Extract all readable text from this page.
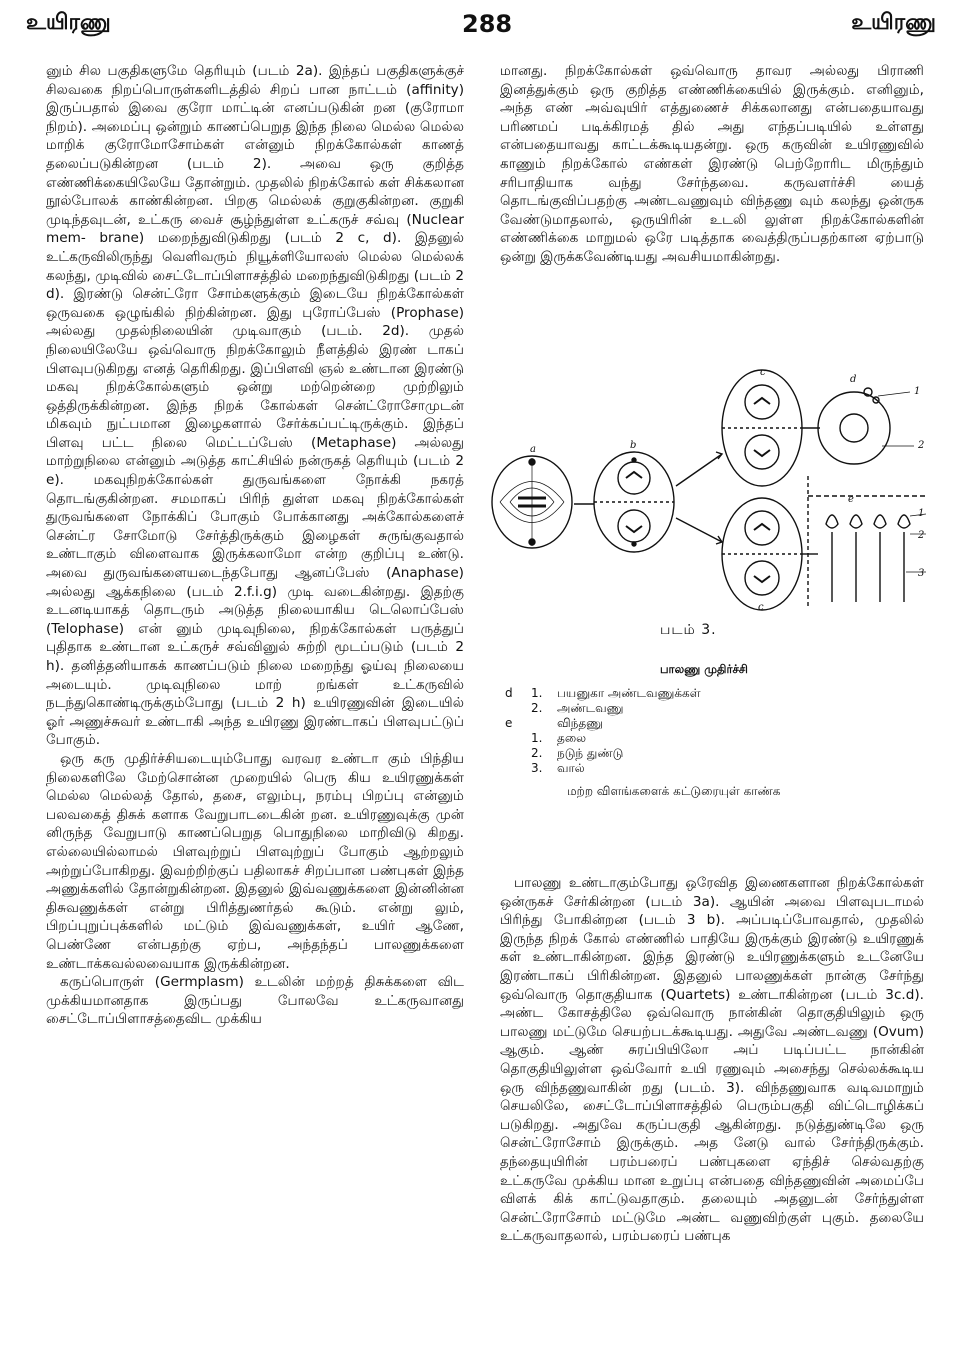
உயிரணு	288	உயிரணு

னும் சில பகுதிகளுமே தெரியும் (படம் 2a). இந்தப் பகுதிகளுக்குச் சிலவகை நிறப்பொருள்களிடத்தில் சிறப் பான நாட்டம் (affinity) இருப்பதால் இவை குரோ மாட்டின் எனப்படுகின் றன (குரோமா நிறம்). அமைப்பு ஒன்றும் காணப்பெறுத இந்த நிலை மெல்ல மெல்ல மாறிக் குரோமோசோம்கள் என்னும் நிறக்கோல்கள் காணத் தலைப்படுகின்றன (படம் 2). அவை ஒரு குறித்த எண்ணிக்கையிலேயே தோன்றும். முதலில் நிறக்கோல் கள் சிக்கலான நூல்போலக் காண்கின்றன. பிறகு மெல்லக் குறுகுகின்றன. குறுகி முடிந்தவுடன், உட்கரு வைச் சூழ்ந்துள்ள உட்கருச் சவ்வு (Nuclear mem- brane) மறைந்துவிடுகிறது (படம் 2 c, d). இதனுல் உட்கருவிலிருந்து வெளிவரும் நியூக்ளியோலஸ் மெல்ல மெல்லக் கலந்து, முடிவில் சைட்டோப்பிளாசத்தில் மறைந்துவிடுகிறது (படம் 2 d). இரண்டு சென்ட்ரோ சோம்களுக்கும் இடையே நிறக்கோல்கள் ஒருவகை ஒழுங்கில் நிற்கின்றன. இது புரோப்பேஸ் (Prophase) அல்லது முதல்நிலையின் முடிவாகும் (படம். 2d). முதல் நிலையிலேயே ஒவ்வொரு நிறக்கோலும் நீளத்தில் இரண் டாகப் பிளவுபடுகிறது எனத் தெரிகிறது. இப்பிளவி ஞல் உண்டான இரண்டு மகவு நிறக்கோல்களும் ஒன்று மற்றென்றை முற்றிலும் ஒத்திருக்கின்றன. இந்த நிறக் கோல்கள் சென்ட்ரோசோமுடன் மிகவும் நுட்பமான இழைகளால் சேர்க்கப்பட்டிருக்கும். இந்தப் பிளவு பட்ட நிலை மெட்டப்பேஸ் (Metaphase) அல்லது மாற்றுநிலை என்னும் அடுத்த காட்சியில் நன்ருகத் தெரியும் (படம் 2 e). மகவுநிறக்கோல்கள் துருவங்களை நோக்கி நகரத் தொடங்குகின்றன. சமமாகப் பிரிந் துள்ள மகவு நிறக்கோல்கள் துருவங்களை நோக்கிப் போகும் போக்கானது அக்கோல்களைச் சென்ட்ர சோமோடு சேர்த்திருக்கும் இழைகள் சுருங்குவதால் உண்டாகும் விளைவாக இருக்கலாமோ என்ற குறிப்பு உண்டு. அவை துருவங்களையடைந்தபோது ஆனப்பேஸ் (Anaphase) அல்லது ஆக்கநிலை (படம் 2.f.i.g) முடி வடைகின்றது. இதற்கு உடனடியாகத் தொடரும் அடுத்த நிலையாகிய டெலொப்பேஸ் (Telophase) என் னும் முடிவுநிலை, நிறக்கோல்கள் பருத்துப் புதிதாக உண்டான உட்கருச் சவ்வினுல் சுற்றி மூடப்படும் (படம் 2 h). தனித்தனியாகக் காணப்படும் நிலை மறைந்து ஓய்வு நிலையை அடையும். முடிவுநிலை மாற் றங்கள் உட்கருவில் நடந்துகொண்டிருக்கும்போது (படம் 2 h) உயிரணுவின் இடையில் ஓர் அணுச்சுவர் உண்டாகி அந்த உயிரணு இரண்டாகப் பிளவுபட்டுப் போகும்.

ஒரு கரு முதிர்ச்சியடையும்போது வரவர உண்டா கும் பிந்திய நிலைகளிலே மேற்சொன்ன முறையில் பெரு கிய உயிரணுக்கள் மெல்ல மெல்லத் தோல், தசை, எலும்பு, நரம்பு பிறப்பு என்னும் பலவகைத் திசுக் களாக வேறுபாடடைகின் றன. உயிரணுவுக்கு முன் னிருந்த வேறுபாடு காணப்பெறுத பொதுநிலை மாறிவிடு கிறது. எல்லையில்லாமல் பிளவுற்றுப் பிளவுற்றுப் போகும் ஆற்றலும் அற்றுப்போகிறது. இவற்றிற்குப் பதிலாகச் சிறப்பான பண்புகள் இந்த அணுக்களில் தோன்றுகின்றன. இதனுல் இவ்வணுக்களை இன்னின்ன திசுவணுக்கள் என்று பிரித்துணர்தல் கூடும். என்று லும், பிறப்புறுப்புக்களில் மட்டும் இவ்வணுக்கள், உயிர் ஆணே, பெண்ணே என்பதற்கு ஏற்ப, அந்தந்தப் பாலணுக்களை உண்டாக்கவல்லவையாக இருக்கின்றன.

கருப்பொருள் (Germplasm) உடலின் மற்றத் திசுக்களை விட முக்கியமானதாக இருப்பது போலவே உட்கருவானது சைட்டோப்பிளாசத்தைவிட முக்கிய

மானது. நிறக்கோல்கள் ஒவ்வொரு தாவர அல்லது பிராணி இனத்துக்கும் ஒரு குறித்த எண்ணிக்கையில் இருக்கும். எனினும், அந்த எண் அவ்வுயிர் எத்துணைச் சிக்கலானது என்பதையாவது பரிணமப் படிக்கிரமத் தில் அது எந்தப்படியில் உள்ளது என்பதையாவது காட்டக்கூடியதன்று. ஒரு கருவின் உயிரணுவில் காணும் நிறக்கோல் எண்கள் இரண்டு பெற்றோரிட மிருந்தும் சரிபாதியாக வந்து சேர்ந்தவை. கருவளர்ச்சி யைத் தொடங்குவிப்பதற்கு அண்டவணுவும் விந்தணு வும் கலந்து ஒன்ருக வேண்டுமாதலால், ஒருயிரின் உடலி லுள்ள நிறக்கோல்களின் எண்ணிக்கை மாறுமல் ஒரே படித்தாக வைத்திருப்பதற்கான ஏற்பாடு ஒன்று இருக்கவேண்டியது அவசியமாகின்றது.

a	b
c
d
e
c
1
2
1
2
3
படம் 3.
பாலணு முதிர்ச்சி
d	1.	பயனுகா அண்டவணுக்கள்
2.	அண்டவணு
e	விந்தணு
1.	தலை
2.	நடுந் துண்டு
3.	வால்
மற்ற விளங்களைக் கட்டுரையுள் காண்க

பாலணு உண்டாகும்போது ஒரேவித இணைகளான நிறக்கோல்கள் ஒன்ருகச் சேர்கின்றன (படம் 3a). ஆயின் அவை பிளவுபடாமல் பிரிந்து போகின்றன (படம் 3 b). அப்படிப்போவதால், முதலில் இருந்த நிறக் கோல் எண்ணில் பாதியே இருக்கும் இரண்டு உயிரணுக் கள் உண்டாகின்றன. இந்த இரண்டு உயிரணுக்களும் உடனேயே இரண்டாகப் பிரிகின்றன. இதனுல் பாலணுக்கள் நான்கு சேர்ந்து ஒவ்வொரு தொகுதியாக (Quartets) உண்டாகின்றன (படம் 3c.d). அண்ட கோசத்திலே ஒவ்வொரு நான்கின் தொகுதியிலும் ஒரு பாலணு மட்டுமே செயற்படக்கூடியது. அதுவே அண்டவணு (Ovum) ஆகும். ஆண் சுரப்பியிலோ அப் படிப்பட்ட நான்கின் தொகுதியிலுள்ள ஒவ்வோர் உயி ரணுவும் அசைந்து செல்லக்கூடிய ஒரு விந்தணுவாகின் றது (படம். 3). விந்தணுவாக வடிவமாறும் செயலிலே, சைட்டோப்பிளாசத்தில் பெரும்பகுதி விட்டொழிக்கப் படுகிறது. அதுவே கருப்பகுதி ஆகின்றது. நடுத்துண்டிலே ஒரு சென்ட்ரோசோம் இருக்கும். அத னேடு வால் சேர்ந்திருக்கும். தந்தையுயிரின் பரம்பரைப் பண்புகளை ஏந்திச் செல்வதற்கு உட்கருவே முக்கிய மான உறுப்பு என்பதை விந்தணுவின் அமைப்பே விளக் கிக் காட்டுவதாகும். தலையும் அதனுடன் சேர்ந்துள்ள சென்ட்ரோசோம் மட்டுமே அண்ட வணுவிற்குள் புகும். தலையே உட்கருவாதலால், பரம்பரைப் பண்புக
